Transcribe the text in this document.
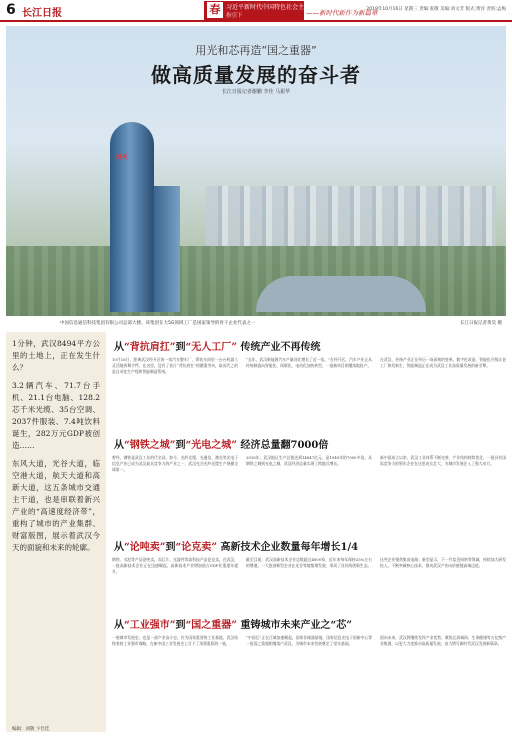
6 长江日报	春 习近平新时代中国特色社会主义思想
指引下	——新时代新作为新篇章
2019年10月16日 星期三 责编:张敬 美编:刘文芳 版式:黄洋 责校:孟梅
烽火
用光和芯再造“国之重器”
做高质量发展的奋斗者
长江日报记者谢鹏 李佳 马振华
中国信息通信科技集团有限公司总部大楼。该集团在大5G领域工厂是国家领导的骨干企业代表之一	长江日报记者黄昊 摄

1分钟，武汉8494平方公里的土地上，正在发生什么？

3.2辆汽车、71.7台手机、21.1台电脑、128.2芯千米光缆、35台空调、2037件服装、7.4吨饮料诞生，282万元GDP被创造……

东风大道，光谷大道，临空港大道，航天大道和高新大道，这五条城市交通主干道，也是串联着新兴产业的“高速度经济带”，重构了城市的产业集群、财富版图，展示着武汉今天的面貌和未来的轮廓。

编辑：刘敬 卞仕佳
从“背抗肩扛”到“无人工厂” 传统产业不再传统
10月16日，距离武汉经开区的一家汽车整车厂，焊装车间里一台台机器人灵活地挥舞手臂。在这里，没有了昔日“背抗肩扛”的繁重劳动，取而代之的是自动化生产线和智能制造系统。
“去年，武汉新能源汽车产量同比增长了近一倍。”在经开区，汽车产业正从传统制造向智能化、网联化、电动化加快转型，一批新项目相继落地投产。
在武汉，传统产业正在经历一场深刻的变革。数字化改造、智能化升级让老工厂焕发新生，智能制造正在成为武汉工业高质量发展的新引擎。
从“钢铁之城”到“光电之城” 经济总量翻7000倍
曾经，钢铁是武汉工业的代名词。如今，光纤光缆、光通信、激光等光电子信息产业已成为武汉最具竞争力的产业之一，武汉光谷光纤光缆生产规模全球第一。
2018年，武汉地区生产总值达到14847亿元，是1949年的7000多倍。从钢铁之城到光电之城，武汉经济总量实现了跨越式增长。
新中国成立以来，武汉工业体系不断完善，产业结构持续优化，一批具有国际竞争力的领军企业在这里成长壮大，为城市发展注入了强大动力。
从“论吨卖”到“论克卖” 高新技术企业数量每年增长1/4
钢铁、水泥等产品论吨卖，而芯片、光器件等高科技产品论克卖。在武汉，一批高新技术企业正在迅速崛起，高新技术产业增加值占GDP比重逐年提升。
截至目前，武汉高新技术企业总数超过4000家，近年来每年保持25%左右的增速。一大批创新型企业在光谷等地集聚发展，形成了良好的创新生态。
这些企业聚焦集成电路、新型显示、下一代信息网络等领域，持续加大研发投入，不断突破核心技术，推动武汉产业向价值链高端迈进。
从“工业强市”到“国之重器” 重铸城市未来产业之“芯”
一座城市发展史，也是一部产业奋斗史。作为国家重要的工业基地，武汉始终坚持工业强市战略，在新中国工业发展史上写下了浓墨重彩的一笔。
“中国芯”正在江城加速崛起。国家存储器基地、国家信息光电子创新中心等一批国之重器相继落户武汉，为城市未来发展奠定了坚实基础。
面向未来，武汉将继续发挥产业优势，聚焦芯屏端网、生命健康等万亿级产业集群，以更大力度推动高质量发展，奋力谱写新时代武汉发展新篇章。
